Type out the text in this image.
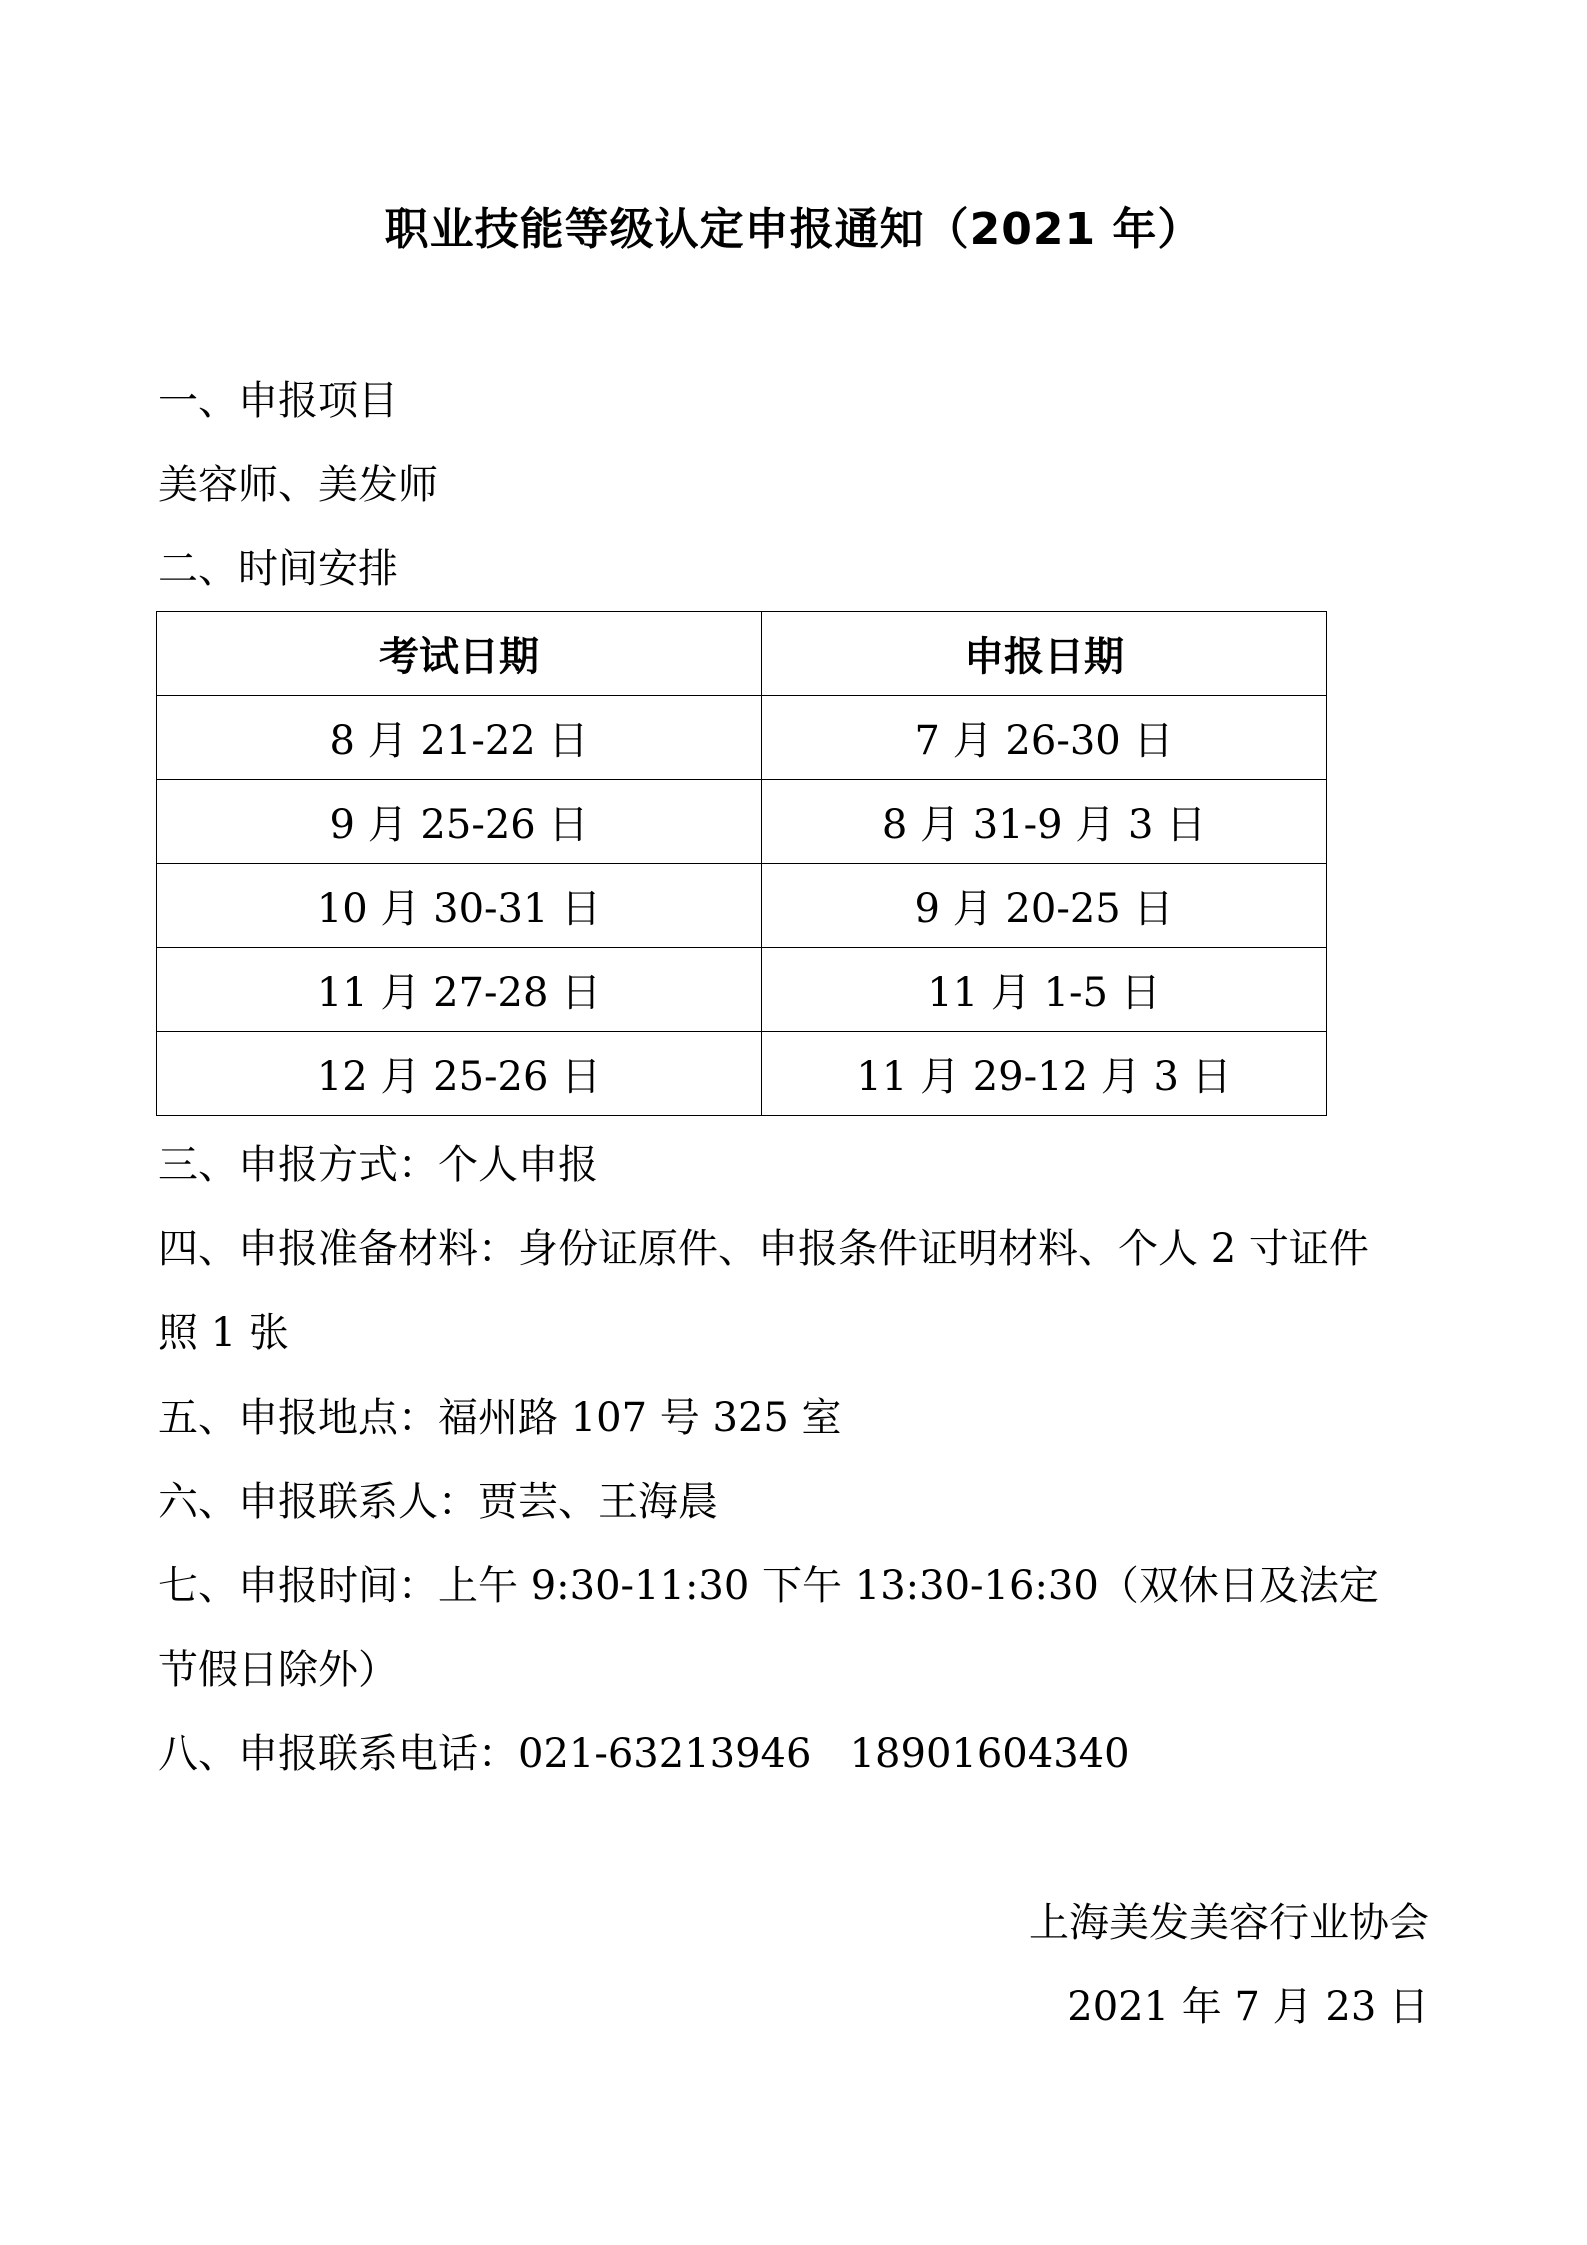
职业技能等级认定申报通知（2021 年）
一、申报项目
美容师、美发师
二、时间安排
考试日期	申报日期
8 月 21-22 日	7 月 26-30 日
9 月 25-26 日	8 月 31-9 月 3 日
10 月 30-31 日	9 月 20-25 日
11 月 27-28 日	11 月 1-5 日
12 月 25-26 日	11 月 29-12 月 3 日
三、申报方式：个人申报
四、申报准备材料：身份证原件、申报条件证明材料、个人 2 寸证件
照 1 张
五、申报地点：福州路 107 号 325 室
六、申报联系人：贾芸、王海晨
七、申报时间：上午 9:30-11:30 下午 13:30-16:30（双休日及法定
节假日除外）
八、申报联系电话：021-63213946   18901604340
上海美发美容行业协会
2021 年 7 月 23 日
